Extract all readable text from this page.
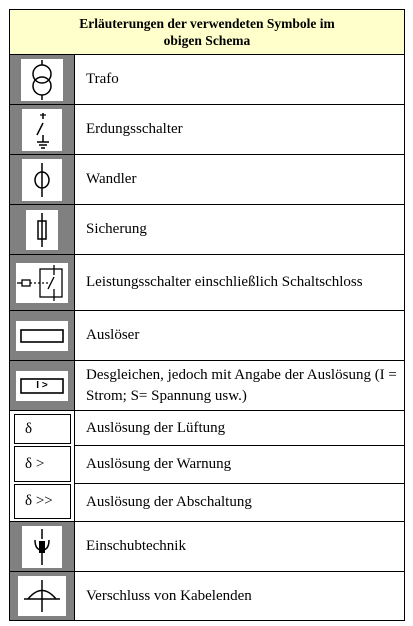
Erläuterungen der verwendeten Symbole im
obigen Schema
Trafo
Erdungsschalter
Wandler
Sicherung
Leistungsschalter einschließlich Schaltschloss
Auslöser
I >
Desgleichen, jedoch mit Angabe der Auslösung (I = Strom; S= Spannung usw.)
δ
δ >
δ >>
Auslösung der Lüftung
Auslösung der Warnung
Auslösung der Abschaltung
Einschubtechnik
Verschluss von Kabelenden
